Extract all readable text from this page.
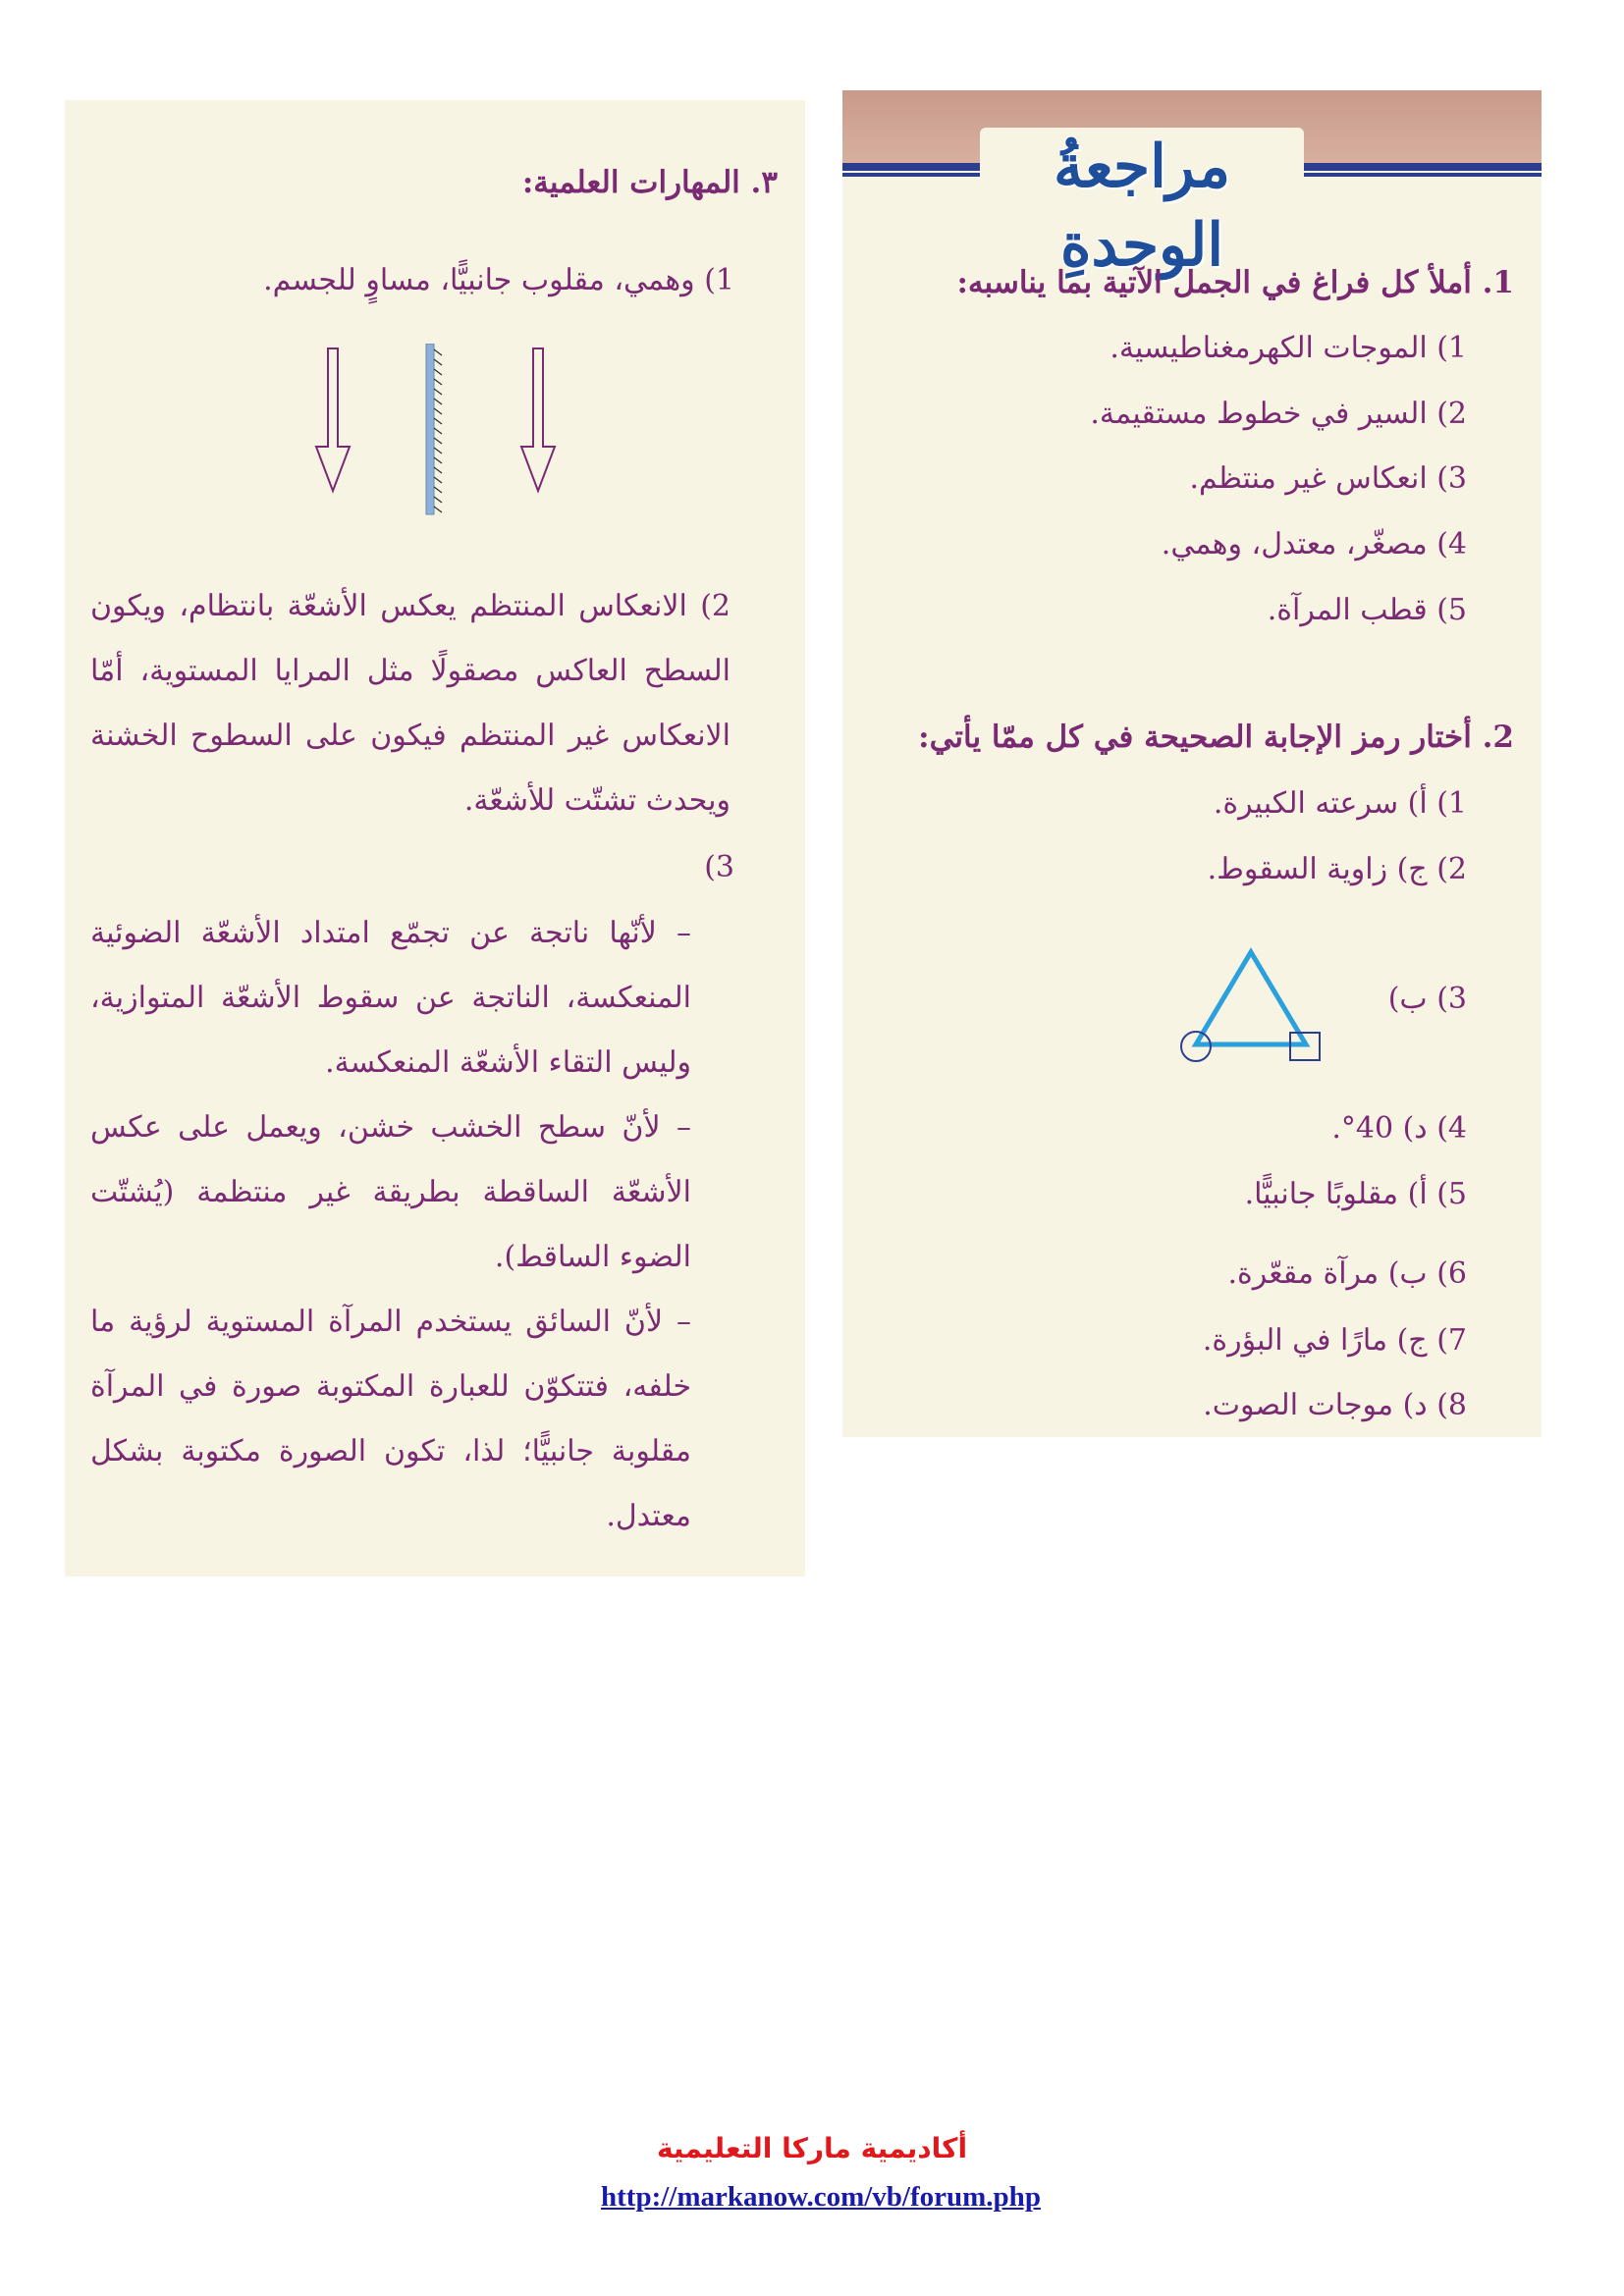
مراجعةُ الوحدةِ
1. أملأ كل فراغ في الجمل الآتية بما يناسبه:
1) الموجات الكهرمغناطيسية.
2) السير في خطوط مستقيمة.
3) انعكاس غير منتظم.
4) مصغّر، معتدل، وهمي.
5) قطب المرآة.
2. أختار رمز الإجابة الصحيحة في كل ممّا يأتي:
1) أ) سرعته الكبيرة.
2) ج) زاوية السقوط.
3) ب)
4) د) 40°.
5) أ) مقلوبًا جانبيًّا.
6) ب) مرآة مقعّرة.
7) ج) مارًا في البؤرة.
8) د) موجات الصوت.
٣. المهارات العلمية:
1) وهمي، مقلوب جانبيًّا، مساوٍ للجسم.
2) الانعكاس المنتظم يعكس الأشعّة بانتظام، ويكون السطح العاكس مصقولًا مثل المرايا المستوية، أمّا الانعكاس غير المنتظم فيكون على السطوح الخشنة ويحدث تشتّت للأشعّة.
3)
– لأنّها ناتجة عن تجمّع امتداد الأشعّة الضوئية المنعكسة، الناتجة عن سقوط الأشعّة المتوازية، وليس التقاء الأشعّة المنعكسة.
– لأنّ سطح الخشب خشن، ويعمل على عكس الأشعّة الساقطة بطريقة غير منتظمة (يُشتّت الضوء الساقط).
– لأنّ السائق يستخدم المرآة المستوية لرؤية ما خلفه، فتتكوّن للعبارة المكتوبة صورة في المرآة مقلوبة جانبيًّا؛ لذا، تكون الصورة مكتوبة بشكل معتدل.
أكاديمية ماركا التعليمية
http://markanow.com/vb/forum.php
